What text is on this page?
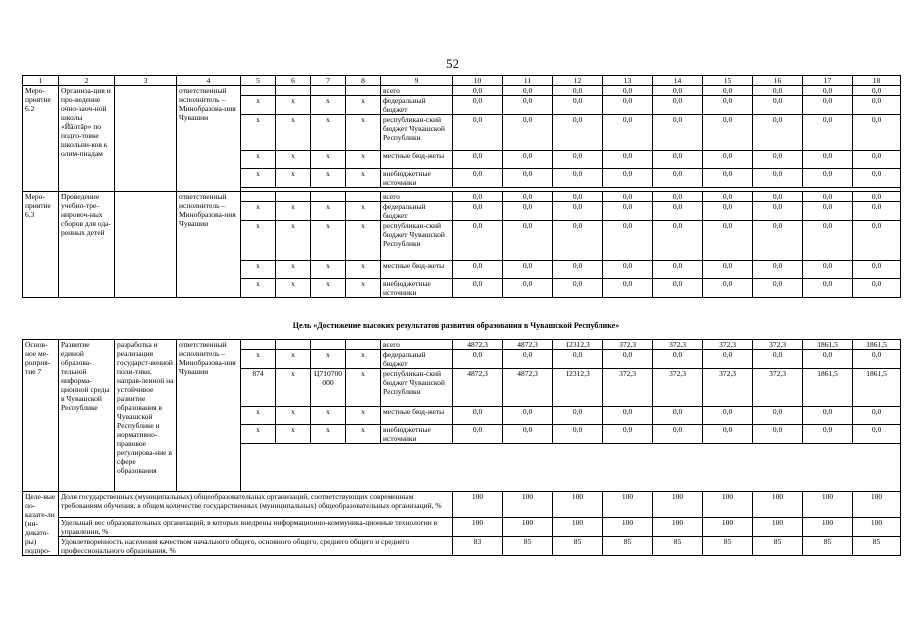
52
1	2	3	4	5	6	7	8	9	10	11	12	13	14	15	16	17	18
Меро-приятие 6.2	Организа-ция и про-ведение очно-заоч-ной школы «Йăлтăр» по подго-товке школьни-ков к олим-пиадам		ответственный исполнитель – Минобразова-ния Чувашии					всего	0,0	0,0	0,0	0,0	0,0	0,0	0,0	0,0	0,0
				х	х	х	х	федеральный бюджет	0,0	0,0	0,0	0,0	0,0	0,0	0,0	0,0	0,0
				х	х	х	х	республикан-ский бюджет Чувашской Республики	0,0	0,0	0,0	0,0	0,0	0,0	0,0	0,0	0,0
				х	х	х	х	местные бюд-жеты	0,0	0,0	0,0	0,0	0,0	0,0	0,0	0,0	0,0
				х	х	х	х	внебюджетные источники	0,0	0,0	0,0	0,0	0,0	0,0	0,0	0,0	0,0

Меро-приятие 6.3	Проведение учебно-тре-нировоч-ных сборов для ода-ренных детей		ответственный исполнитель – Минобразова-ния Чувашии					всего	0,0	0,0	0,0	0,0	0,0	0,0	0,0	0,0	0,0
				х	х	х	х	федеральный бюджет	0,0	0,0	0,0	0,0	0,0	0,0	0,0	0,0	0,0
				х	х	х	х	республикан-ский бюджет Чувашской Республики	0,0	0,0	0,0	0,0	0,0	0,0	0,0	0,0	0,0
				х	х	х	х	местные бюд-жеты	0,0	0,0	0,0	0,0	0,0	0,0	0,0	0,0	0,0
				х	х	х	х	внебюджетные источники	0,0	0,0	0,0	0,0	0,0	0,0	0,0	0,0	0,0
Цель «Достижение высоких результатов развития образования в Чувашской Республике»
Основ-ное ме-роприя-тие 7	Развитие единой образова-тельной информа-ционной среды в Чувашской Республике	разработка и реализация государст-венной поли-тики, направ-ленной на устойчивое развитие образования в Чувашской Республике и нормативно-правовое регулирова-ние в сфере образования	ответственный исполнитель – Минобразова-ния Чувашии					всего	4872,3	4872,3	12312,3	372,3	372,3	372,3	372,3	1861,5	1861,5
				х	х	х	х	федеральный бюджет	0,0	0,0	0,0	0,0	0,0	0,0	0,0	0,0	0,0
				874	х	Ц710700 000	х	республикан-ский бюджет Чувашской Республики	4872,3	4872,3	12312,3	372,3	372,3	372,3	372,3	1861,5	1861,5
				х	х	х	х	местные бюд-жеты	0,0	0,0	0,0	0,0	0,0	0,0	0,0	0,0	0,0
				х	х	х	х	внебюджетные источники	0,0	0,0	0,0	0,0	0,0	0,0	0,0	0,0	0,0

Целе-вые по-казате-ли (ин-дикато-ры) подпро-	Доля государственных (муниципальных) общеобразовательных организаций, соответствующих современным требованиям обучения, в общем количестве государственных (муниципальных) общеобразовательных организаций, %								100	100	100	100	100	100	100	100	100
	Удельный вес образовательных организаций, в которых внедрены информационно-коммуника-ционные технологии в управлении, %								100	100	100	100	100	100	100	100	100
	Удовлетворенность населения качеством начального общего, основного общего, среднего общего и среднего профессионального образования, %								83	85	85	85	85	85	85	85	85
